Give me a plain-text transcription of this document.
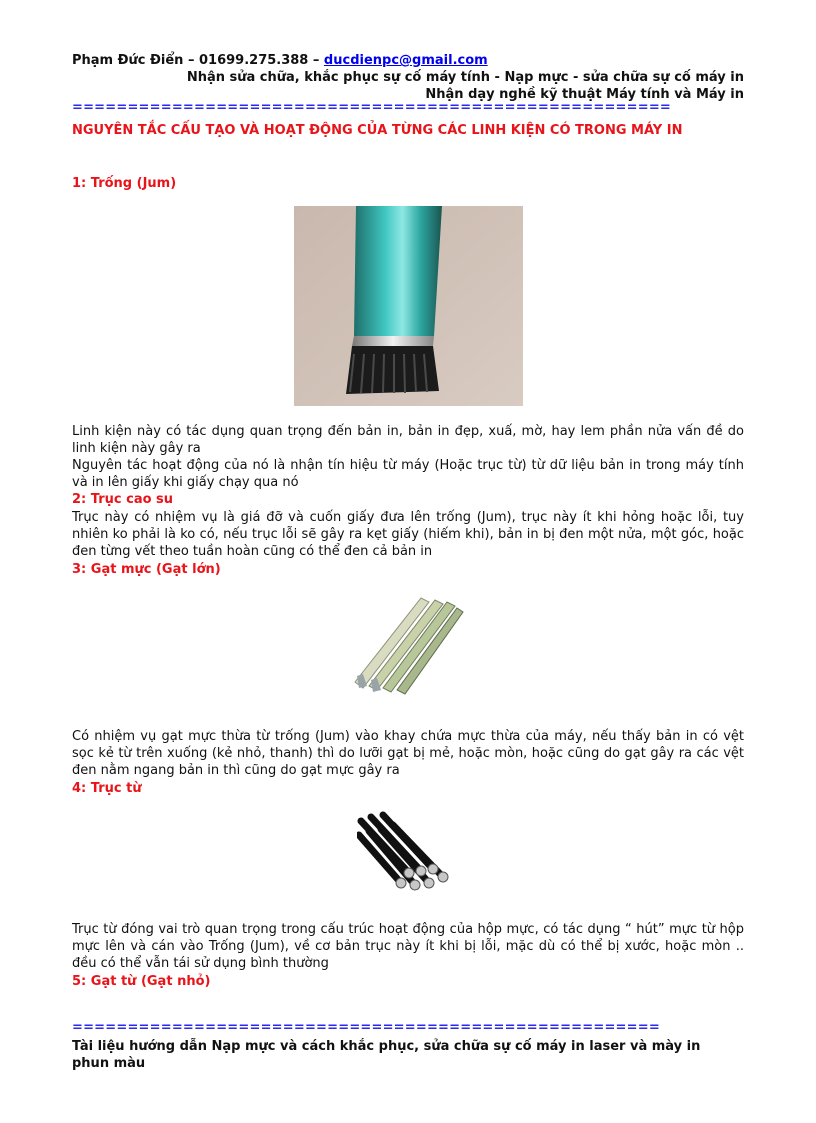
Phạm Đức Điển – 01699.275.388 – ducdienpc@gmail.com
Nhận sửa chữa, khắc phục sự cố máy tính - Nạp mực - sửa chữa sự cố máy in
Nhận dạy nghề kỹ thuật Máy tính và Máy in
======================================================
NGUYÊN TẮC CẤU TẠO VÀ HOẠT ĐỘNG CỦA TỪNG CÁC LINH KIỆN CÓ TRONG MÁY IN
1: Trống (Jum)

Linh kiện này có tác dụng quan trọng đến bản in, bản in đẹp, xuấ, mờ, hay lem phần nửa vấn đề do linh kiện này gây ra

Nguyên tác hoạt động của nó là nhận tín hiệu từ máy (Hoặc trục từ) từ dữ liệu bản in trong máy tính và in lên giấy khi giấy chạy qua nó

2: Trục cao su

Trục này có nhiệm vụ là giá đỡ và cuốn giấy đưa lên trống (Jum), trục này ít khi hỏng hoặc lỗi, tuy nhiên ko phải là ko có, nếu trục lỗi sẽ gây ra kẹt giấy (hiếm khi), bản in bị đen một nửa, một góc, hoặc đen từng vết theo tuần hoàn cũng có thể đen cả bản in

3: Gạt mực (Gạt lớn)

Có nhiệm vụ gạt mực thừa từ trống (Jum) vào khay chứa mực thừa của máy, nếu thấy bản in có vệt sọc kẻ từ trên xuống (kẻ nhỏ, thanh) thì do lưỡi gạt bị mẻ, hoặc mòn, hoặc cũng do gạt gây ra các vệt đen nằm ngang bản in thì cũng do gạt mực gây ra

4: Trục từ

Trục từ đóng vai trò quan trọng trong cấu trúc hoạt động của hộp mực, có tác dụng “ hút” mực từ hộp mực lên và cán vào Trống (Jum), về cơ bản trục này ít khi bị lỗi, mặc dù có thể bị xước, hoặc mòn .. đều có thể vẫn tái sử dụng bình thường

5: Gạt từ (Gạt nhỏ)
=====================================================

Tài liệu hướng dẫn Nạp mực và cách khắc phục, sửa chữa sự cố máy in laser và mày in phun màu
